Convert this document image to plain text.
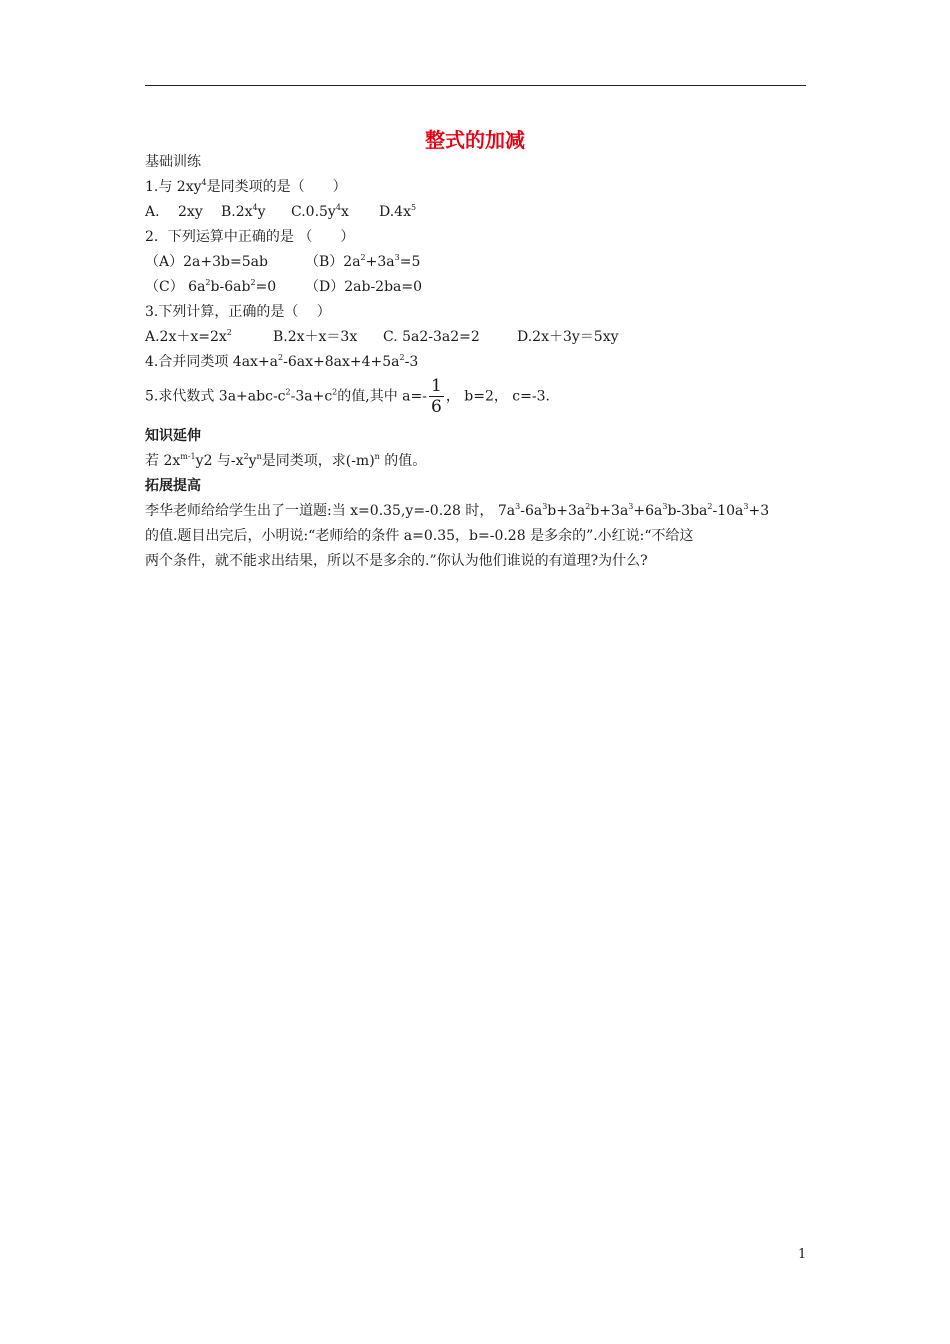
整式的加减
基础训练
1.与 $2xy^4$是同类项的是（　　）
A.　 2xy $B.2x^4y$ $C.0.5y^4x$ $D.4x^5$
2．下列运算中正确的是 （　　）
（A）2a+3b=5ab	$(B)2a^2+3a^3=5$
（C） $6a^2b-6ab^2=0$ （D）2ab-2ba=0
3.下列计算，正确的是（　 ）
$A.2x+x=2x^2$	B.2x＋x＝3x C. 5a2-3a2=2	D.2x＋3y＝5xy
4.合并同类项 $4ax+a^2-6ax+8ax+4+5a^2-3$
5.求代数式 $3a+abc-c^2-3a+c^2$的值,其中 $a=- \frac{1}{6}$ ， b=2， c=-3.
知识延伸
若 $2x^{m-1}y2$ 与$-x^2y^n$是同类项，求$(-m)^n$ 的值。
拓展提高
李华老师给给学生出了一道题:当 x=0.35,y=-0.28 时， $7a^3-6a^3b+3a^2b+3a^3+6a^3b-3ba^2-10a^3+3$
的值.题目出完后，小明说:“老师给的条件 a=0.35，b=-0.28 是多余的”.小红说:“不给这
两个条件，就不能求出结果，所以不是多余的.”你认为他们谁说的有道理?为什么?
1
